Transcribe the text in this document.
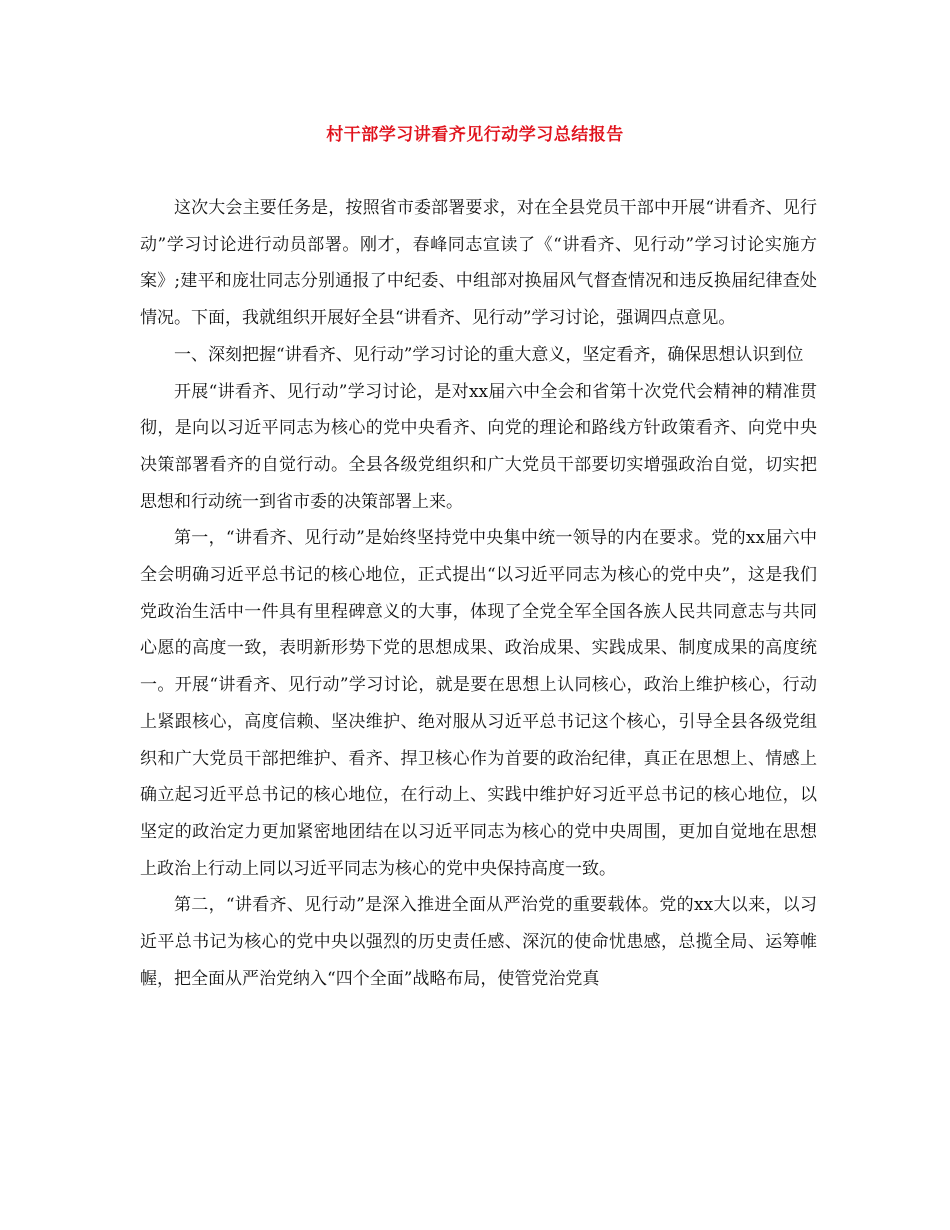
村干部学习讲看齐见行动学习总结报告

这次大会主要任务是，按照省市委部署要求，对在全县党员干部中开展“讲看齐、见行动”学习讨论进行动员部署。刚才，春峰同志宣读了《“讲看齐、见行动”学习讨论实施方案》;建平和庞壮同志分别通报了中纪委、中组部对换届风气督查情况和违反换届纪律查处情况。下面，我就组织开展好全县“讲看齐、见行动”学习讨论，强调四点意见。

一、深刻把握“讲看齐、见行动”学习讨论的重大意义，坚定看齐，确保思想认识到位

开展“讲看齐、见行动”学习讨论，是对xx届六中全会和省第十次党代会精神的精准贯彻，是向以习近平同志为核心的党中央看齐、向党的理论和路线方针政策看齐、向党中央决策部署看齐的自觉行动。全县各级党组织和广大党员干部要切实增强政治自觉，切实把思想和行动统一到省市委的决策部署上来。

第一，“讲看齐、见行动”是始终坚持党中央集中统一领导的内在要求。党的xx届六中全会明确习近平总书记的核心地位，正式提出“以习近平同志为核心的党中央”，这是我们党政治生活中一件具有里程碑意义的大事，体现了全党全军全国各族人民共同意志与共同心愿的高度一致，表明新形势下党的思想成果、政治成果、实践成果、制度成果的高度统一。开展“讲看齐、见行动”学习讨论，就是要在思想上认同核心，政治上维护核心，行动上紧跟核心，高度信赖、坚决维护、绝对服从习近平总书记这个核心，引导全县各级党组织和广大党员干部把维护、看齐、捍卫核心作为首要的政治纪律，真正在思想上、情感上确立起习近平总书记的核心地位，在行动上、实践中维护好习近平总书记的核心地位，以坚定的政治定力更加紧密地团结在以习近平同志为核心的党中央周围，更加自觉地在思想上政治上行动上同以习近平同志为核心的党中央保持高度一致。

第二，“讲看齐、见行动”是深入推进全面从严治党的重要载体。党的xx大以来，以习近平总书记为核心的党中央以强烈的历史责任感、深沉的使命忧患感，总揽全局、运筹帷幄，把全面从严治党纳入“四个全面”战略布局，使管党治党真
